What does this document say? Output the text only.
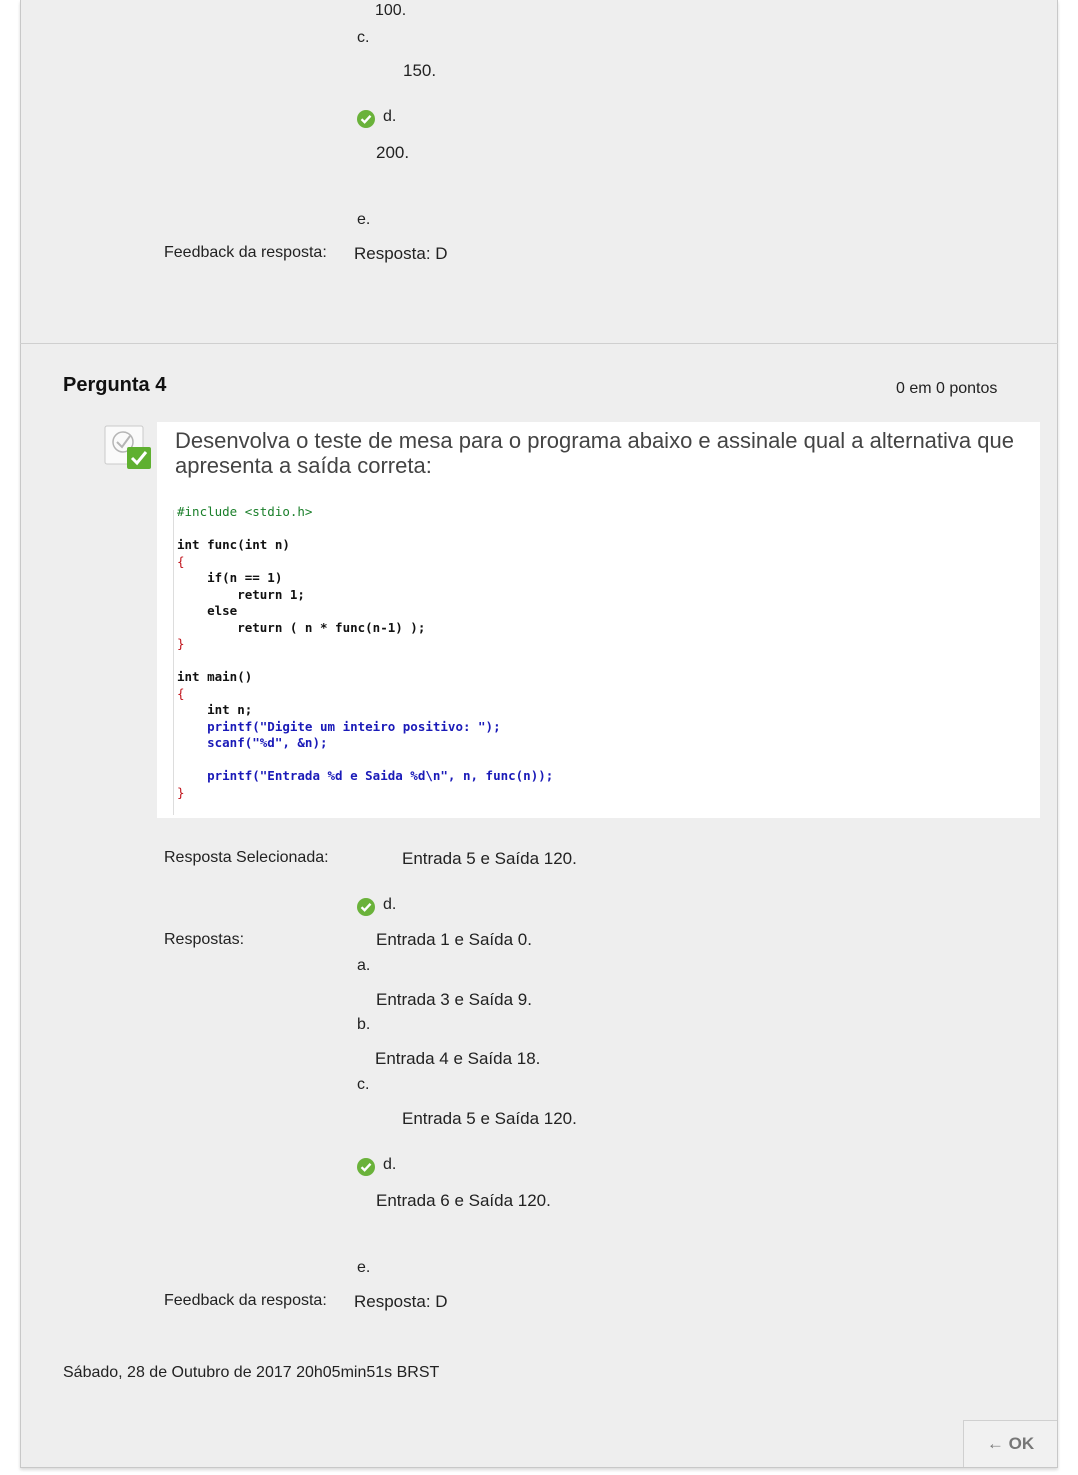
100.
c.
150.
d.
200.
e.
Feedback da resposta: Resposta: D
Pergunta 4	0 em 0 pontos
Desenvolva o teste de mesa para o programa abaixo e assinale qual a alternativa que apresenta a saída correta:
#include <stdio.h>

int func(int n)
{
if(n == 1)
return 1;
else
return ( n * func(n-1) );
}

int main()
{
int n;
printf("Digite um inteiro positivo: ");
scanf("%d", &n);

printf("Entrada %d e Saida %d\n", n, func(n));
}
Resposta Selecionada:	Entrada 5 e Saída 120.
d.
Respostas:	Entrada 1 e Saída 0.
a.
Entrada 3 e Saída 9.
b.
Entrada 4 e Saída 18.
c.
Entrada 5 e Saída 120.
d.
Entrada 6 e Saída 120.
e.
Feedback da resposta: Resposta: D
Sábado, 28 de Outubro de 2017 20h05min51s BRST
← OK
